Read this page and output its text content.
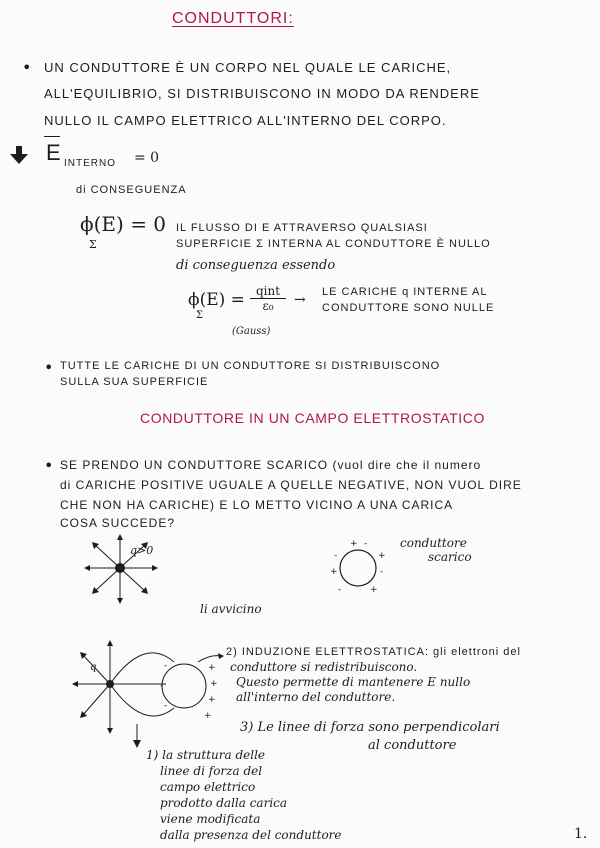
CONDUTTORI:
• UN CONDUTTORE È UN CORPO NEL QUALE LE CARICHE,
ALL'EQUILIBRIO, SI DISTRIBUISCONO IN MODO DA RENDERE
NULLO IL CAMPO ELETTRICO ALL'INTERNO DEL CORPO.
E INTERNO = 0
di CONSEGUENZA
ϕ(E) = 0
Σ
IL FLUSSO DI E ATTRAVERSO QUALSIASI
SUPERFICIE Σ INTERNA AL CONDUTTORE È NULLO
di conseguenza essendo
ϕ(E) =
Σ
qint
ε₀
(Gauss)
→ LE CARICHE q INTERNE AL
CONDUTTORE SONO NULLE
• TUTTE LE CARICHE DI UN CONDUTTORE SI DISTRIBUISCONO
SULLA SUA SUPERFICIE
CONDUTTORE IN UN CAMPO ELETTROSTATICO
• SE PRENDO UN CONDUTTORE SCARICO (vuol dire che il numero
di CARICHE POSITIVE UGUALE A QUELLE NEGATIVE, NON VUOL DIRE
CHE NON HA CARICHE) E LO METTO VICINO A UNA CARICA
COSA SUCCEDE?
q>0	+ -
-	+
+	-
-	+
conduttore
scarico
li avvicino
-
-
-
+
+
+
+
q
2) INDUZIONE ELETTROSTATICA: gli elettroni del
conduttore si redistribuiscono.
Questo permette di mantenere E nullo
all'interno del conduttore.
3) Le linee di forza sono perpendicolari
al conduttore
1) la struttura delle
linee di forza del
campo elettrico
prodotto dalla carica
viene modificata
dalla presenza del conduttore	1.
